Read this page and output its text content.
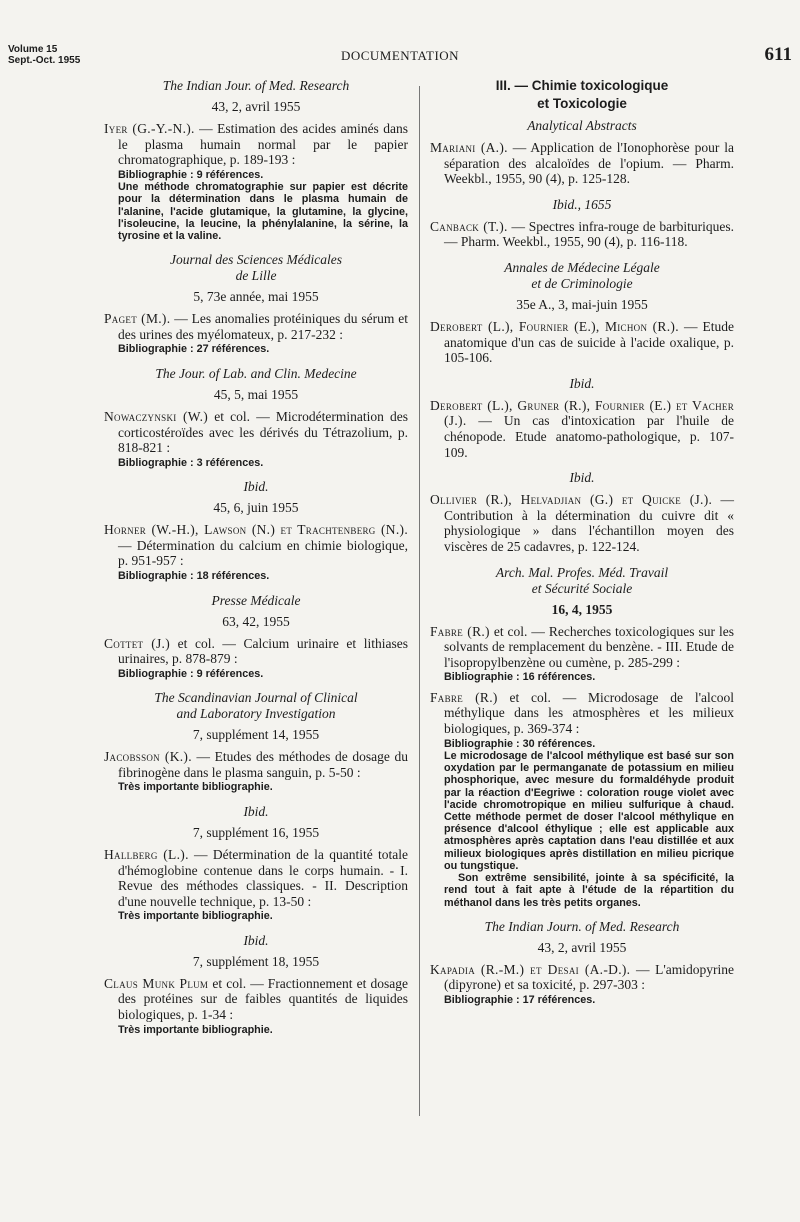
Volume 15
Sept.-Oct. 1955	DOCUMENTATION	611
The Indian Jour. of Med. Research
43, 2, avril 1955
Iyer (G.-Y.-N.). — Estimation des acides aminés dans le plasma humain normal par le papier chromatographique, p. 189-193 :
Bibliographie : 9 références.
Une méthode chromatographie sur papier est décrite pour la détermination dans le plasma humain de l'alanine, l'acide glutamique, la glutamine, la glycine, l'isoleucine, la leucine, la phénylalanine, la sérine, la tyrosine et la valine.
Journal des Sciences Médicales
de Lille
5, 73e année, mai 1955
Paget (M.). — Les anomalies protéiniques du sérum et des urines des myélomateux, p. 217-232 :
Bibliographie : 27 références.
The Jour. of Lab. and Clin. Medecine
45, 5, mai 1955
Nowaczynski (W.) et col. — Microdétermination des corticostéroïdes avec les dérivés du Tétrazolium, p. 818-821 :
Bibliographie : 3 références.
Ibid.
45, 6, juin 1955
Horner (W.-H.), Lawson (N.) et Trachtenberg (N.). — Détermination du calcium en chimie biologique, p. 951-957 :
Bibliographie : 18 références.
Presse Médicale
63, 42, 1955
Cottet (J.) et col. — Calcium urinaire et lithiases urinaires, p. 878-879 :
Bibliographie : 9 références.
The Scandinavian Journal of Clinical
and Laboratory Investigation
7, supplément 14, 1955
Jacobsson (K.). — Etudes des méthodes de dosage du fibrinogène dans le plasma sanguin, p. 5-50 :
Très importante bibliographie.
Ibid.
7, supplément 16, 1955
Hallberg (L.). — Détermination de la quantité totale d'hémoglobine contenue dans le corps humain. - I. Revue des méthodes classiques. - II. Description d'une nouvelle technique, p. 13-50 :
Très importante bibliographie.
Ibid.
7, supplément 18, 1955
Claus Munk Plum et col. — Fractionnement et dosage des protéines sur de faibles quantités de liquides biologiques, p. 1-34 :
Très importante bibliographie.
III. — Chimie toxicologique
et Toxicologie
Analytical Abstracts
Mariani (A.). — Application de l'Ionophorèse pour la séparation des alcaloïdes de l'opium. — Pharm. Weekbl., 1955, 90 (4), p. 125-128.
Ibid., 1655
Canback (T.). — Spectres infra-rouge de barbituriques. — Pharm. Weekbl., 1955, 90 (4), p. 116-118.
Annales de Médecine Légale
et de Criminologie
35e A., 3, mai-juin 1955
Derobert (L.), Fournier (E.), Michon (R.). — Etude anatomique d'un cas de suicide à l'acide oxalique, p. 105-106.
Ibid.
Derobert (L.), Gruner (R.), Fournier (E.) et Vacher (J.). — Un cas d'intoxication par l'huile de chénopode. Etude anatomo-pathologique, p. 107-109.
Ibid.
Ollivier (R.), Helvadjian (G.) et Quicke (J.). — Contribution à la détermination du cuivre dit « physiologique » dans l'échantillon moyen des viscères de 25 cadavres, p. 122-124.
Arch. Mal. Profes. Méd. Travail
et Sécurité Sociale
16, 4, 1955
Fabre (R.) et col. — Recherches toxicologiques sur les solvants de remplacement du benzène. - III. Etude de l'isopropylbenzène ou cumène, p. 285-299 :
Bibliographie : 16 références.
Fabre (R.) et col. — Microdosage de l'alcool méthylique dans les atmosphères et les milieux biologiques, p. 369-374 :
Bibliographie : 30 références.
Le microdosage de l'alcool méthylique est basé sur son oxydation par le permanganate de potassium en milieu phosphorique, avec mesure du formaldéhyde produit par la réaction d'Eegriwe : coloration rouge violet avec l'acide chromotropique en milieu sulfurique à chaud. Cette méthode permet de doser l'alcool méthylique en présence d'alcool éthylique ; elle est applicable aux atmosphères après captation dans l'eau distillée et aux milieux biologiques après distillation en milieu picrique ou tungstique.
Son extrême sensibilité, jointe à sa spécificité, la rend tout à fait apte à l'étude de la répartition du méthanol dans les très petits organes.
The Indian Journ. of Med. Research
43, 2, avril 1955
Kapadia (R.-M.) et Desai (A.-D.). — L'amidopyrine (dipyrone) et sa toxicité, p. 297-303 :
Bibliographie : 17 références.
